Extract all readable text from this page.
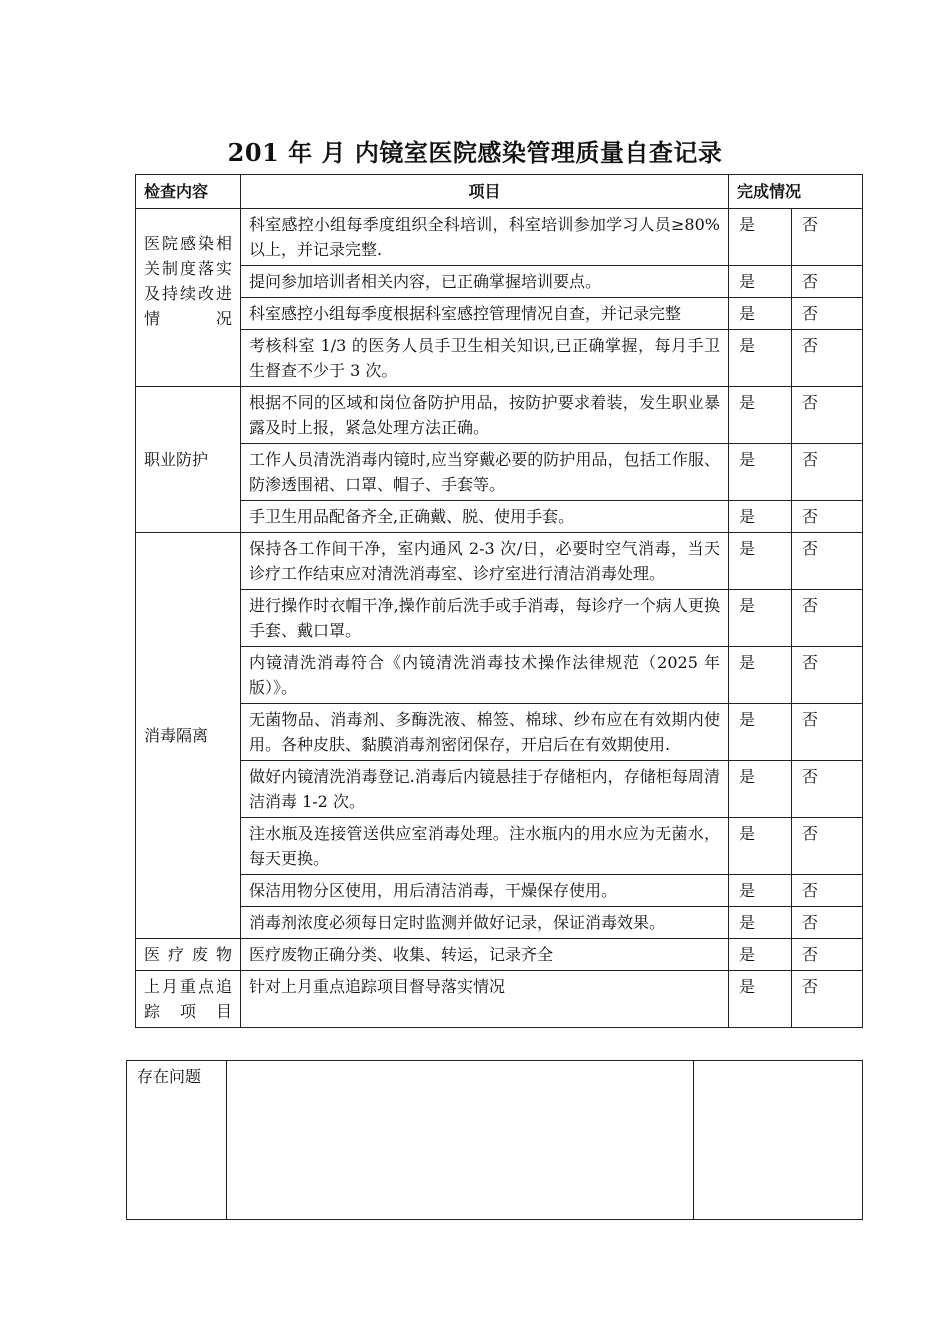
201 年 月 内镜室医院感染管理质量自查记录
检查内容	项目	完成情况	
医院感染相关制度落实及持续改进情况	科室感控小组每季度组织全科培训，科室培训参加学习人员≥80%以上，并记录完整.	是	否
	提问参加培训者相关内容，已正确掌握培训要点。	是	否
	科室感控小组每季度根据科室感控管理情况自查，并记录完整	是	否
	考核科室 1/3 的医务人员手卫生相关知识,已正确掌握，每月手卫生督查不少于 3 次。	是	否
职业防护	根据不同的区域和岗位备防护用品，按防护要求着装，发生职业暴露及时上报，紧急处理方法正确。	是	否
	工作人员清洗消毒内镜时,应当穿戴必要的防护用品，包括工作服、防渗透围裙、口罩、帽子、手套等。	是	否
	手卫生用品配备齐全,正确戴、脱、使用手套。	是	否
消毒隔离	保持各工作间干净，室内通风 2-3 次/日，必要时空气消毒，当天诊疗工作结束应对清洗消毒室、诊疗室进行清洁消毒处理。	是	否
	进行操作时衣帽干净,操作前后洗手或手消毒，每诊疗一个病人更换手套、戴口罩。	是	否
	内镜清洗消毒符合《内镜清洗消毒技术操作法律规范（2025 年版）》。	是	否
	无菌物品、消毒剂、多酶洗液、棉签、棉球、纱布应在有效期内使用。各种皮肤、黏膜消毒剂密闭保存，开启后在有效期使用.	是	否
	做好内镜清洗消毒登记.消毒后内镜悬挂于存储柜内，存储柜每周清洁消毒 1-2 次。	是	否
	注水瓶及连接管送供应室消毒处理。注水瓶内的用水应为无菌水，每天更换。	是	否
	保洁用物分区使用，用后清洁消毒，干燥保存使用。	是	否
	消毒剂浓度必须每日定时监测并做好记录，保证消毒效果。	是	否
医疗废物	医疗废物正确分类、收集、转运，记录齐全	是	否
上月重点追踪项目	针对上月重点追踪项目督导落实情况	是	否
存在问题		
